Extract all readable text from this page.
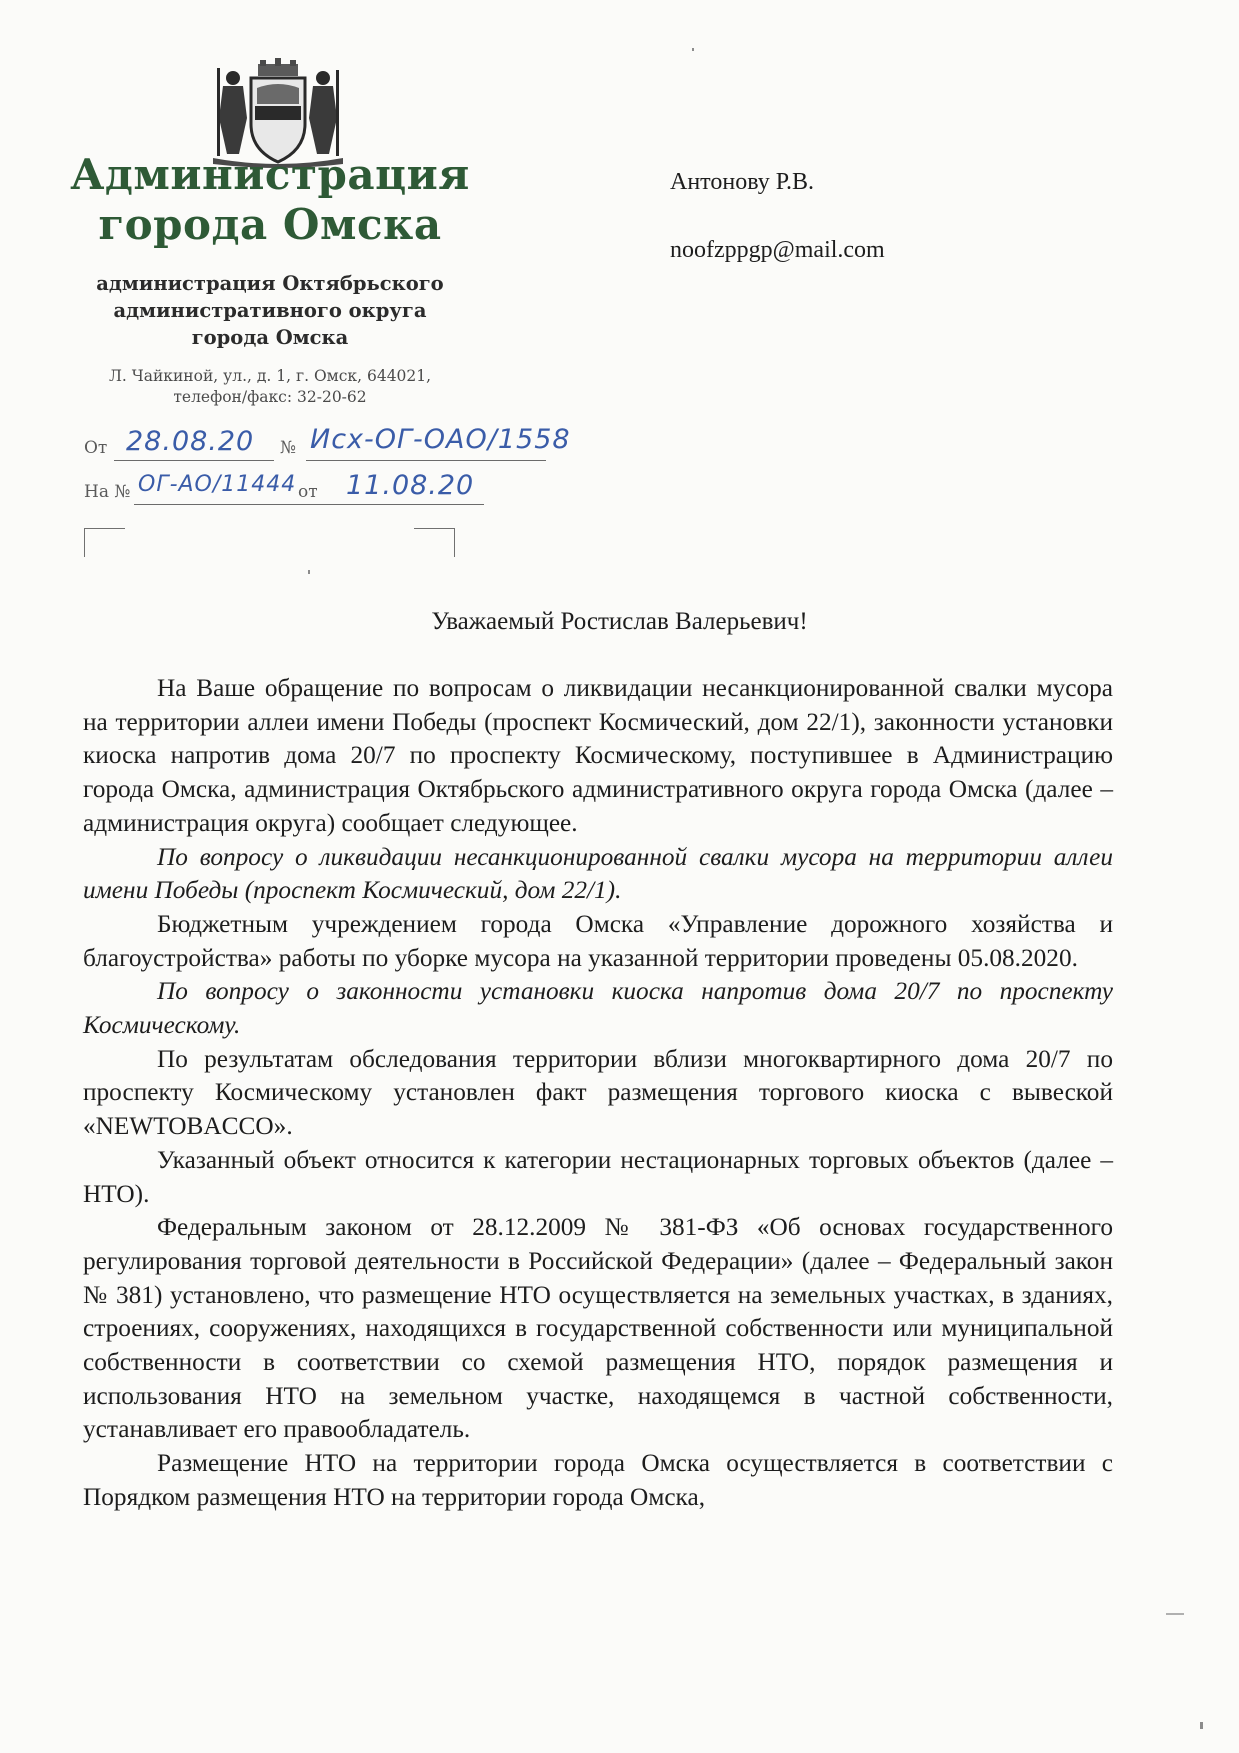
Администрация
города Омска
администрация Октябрьского
административного округа
города Омска
Л. Чайкиной, ул., д. 1, г. Омск, 644021,
телефон/факс: 32-20-62
От 28.08.20 № Исх-ОГ-ОАО/1558
На № ОГ-АО/11444 от 11.08.20
Антонову Р.В.
noofzppgp@mail.com
Уважаемый Ростислав Валерьевич!

На Ваше обращение по вопросам о ликвидации несанкционированной свалки мусора на территории аллеи имени Победы (проспект Космический, дом 22/1), законности установки киоска напротив дома 20/7 по проспекту Космическому, поступившее в Администрацию города Омска, администрация Октябрьского административного округа города Омска (далее – администрация округа) сообщает следующее.

По вопросу о ликвидации несанкционированной свалки мусора на территории аллеи имени Победы (проспект Космический, дом 22/1).

Бюджетным учреждением города Омска «Управление дорожного хозяйства и благоустройства» работы по уборке мусора на указанной территории проведены 05.08.2020.

По вопросу о законности установки киоска напротив дома 20/7 по проспекту Космическому.

По результатам обследования территории вблизи многоквартирного дома 20/7 по проспекту Космическому установлен факт размещения торгового киоска с вывеской «NEWTOBACCO».

Указанный объект относится к категории нестационарных торговых объектов (далее – НТО).

Федеральным законом от 28.12.2009 № 381-ФЗ «Об основах государственного регулирования торговой деятельности в Российской Федерации» (далее – Федеральный закон № 381) установлено, что размещение НТО осуществляется на земельных участках, в зданиях, строениях, сооружениях, находящихся в государственной собственности или муниципальной собственности в соответствии со схемой размещения НТО, порядок размещения и использования НТО на земельном участке, находящемся в частной собственности, устанавливает его правообладатель.

Размещение НТО на территории города Омска осуществляется в соответствии с Порядком размещения НТО на территории города Омска,
